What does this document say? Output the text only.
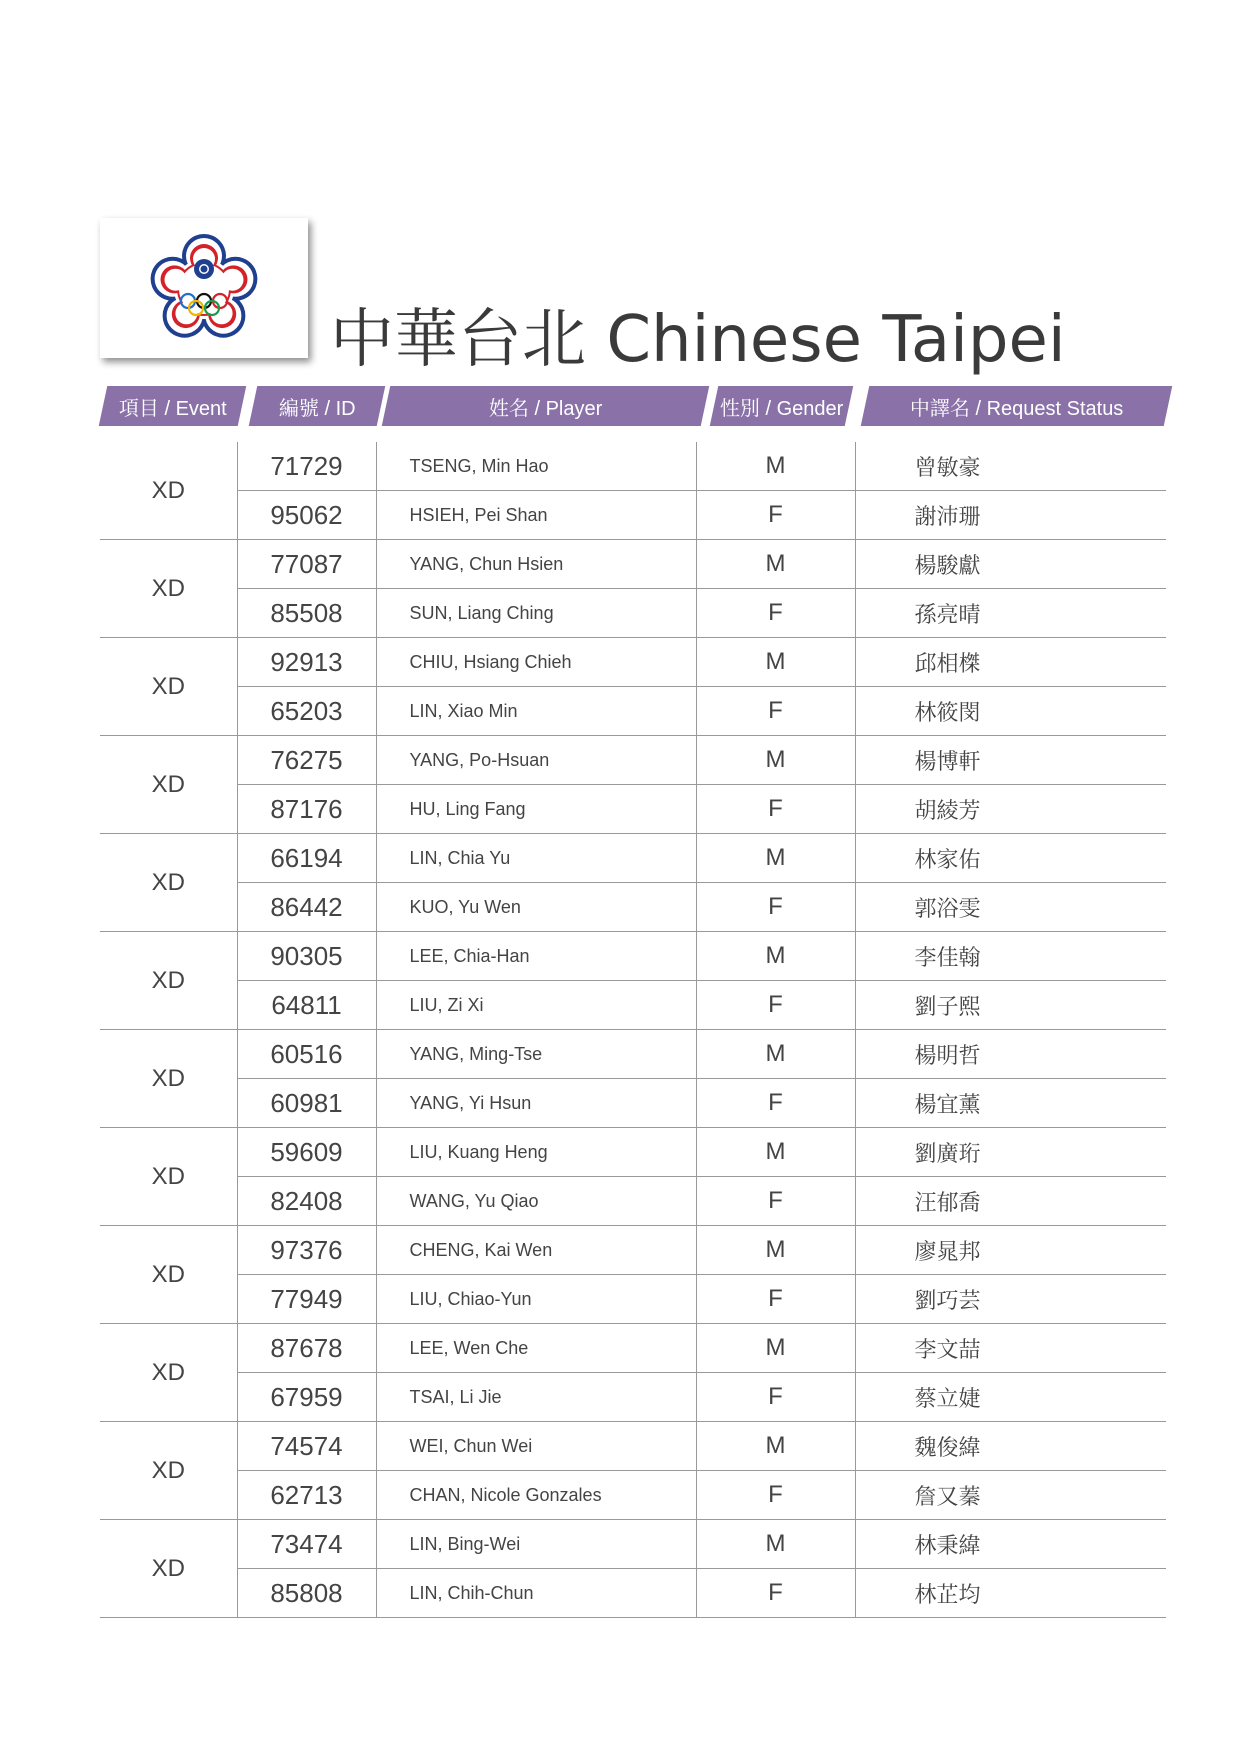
中華台北 Chinese Taipei
項目 / Event	編號 / ID	姓名 / Player	性別 / Gender	中譯名 / Request Status
XD	71729	TSENG, Min Hao	M	曾敏豪
	95062	HSIEH, Pei Shan	F	謝沛珊
XD	77087	YANG, Chun Hsien	M	楊駿獻
	85508	SUN, Liang Ching	F	孫亮晴
XD	92913	CHIU, Hsiang Chieh	M	邱相榤
	65203	LIN, Xiao Min	F	林筱閔
XD	76275	YANG, Po-Hsuan	M	楊博軒
	87176	HU, Ling Fang	F	胡綾芳
XD	66194	LIN, Chia Yu	M	林家佑
	86442	KUO, Yu Wen	F	郭浴雯
XD	90305	LEE, Chia-Han	M	李佳翰
	64811	LIU, Zi Xi	F	劉子熙
XD	60516	YANG, Ming-Tse	M	楊明哲
	60981	YANG, Yi Hsun	F	楊宜薰
XD	59609	LIU, Kuang Heng	M	劉廣珩
	82408	WANG, Yu Qiao	F	汪郁喬
XD	97376	CHENG, Kai Wen	M	廖晁邦
	77949	LIU, Chiao-Yun	F	劉巧芸
XD	87678	LEE, Wen Che	M	李文喆
	67959	TSAI, Li Jie	F	蔡立婕
XD	74574	WEI, Chun Wei	M	魏俊緯
	62713	CHAN, Nicole Gonzales	F	詹又蓁
XD	73474	LIN, Bing-Wei	M	林秉緯
	85808	LIN, Chih-Chun	F	林芷均
